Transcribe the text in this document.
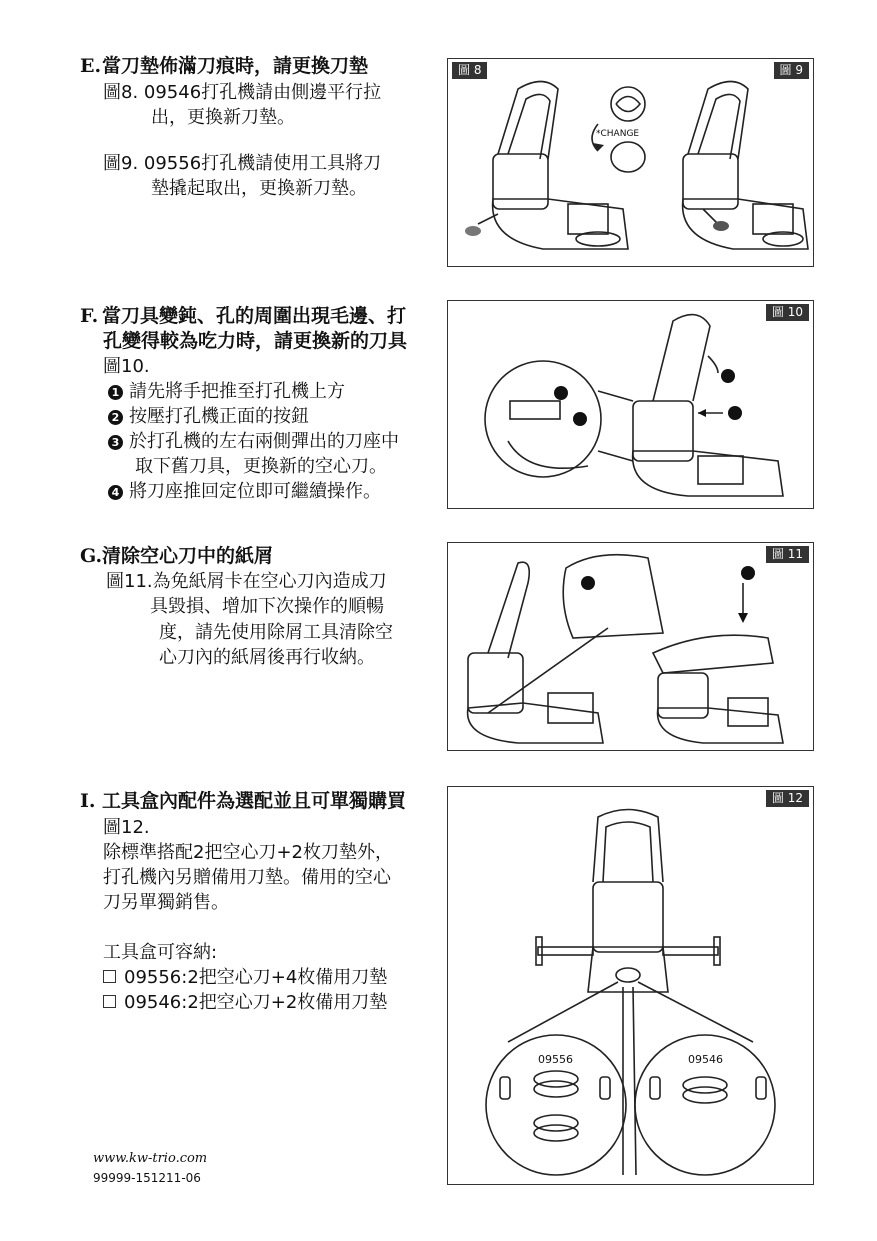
E.當刀墊佈滿刀痕時，請更換刀墊
圖8. 09546打孔機請由側邊平行拉
出，更換新刀墊。
圖9. 09556打孔機請使用工具將刀
墊撬起取出，更換新刀墊。
圖 8	圖 9
*CHANGE
F. 當刀具變鈍、孔的周圍出現毛邊、打
孔變得較為吃力時，請更換新的刀具
圖10.
1 請先將手把推至打孔機上方
2 按壓打孔機正面的按鈕
3 於打孔機的左右兩側彈出的刀座中
取下舊刀具，更換新的空心刀。
4 將刀座推回定位即可繼續操作。
圖 10
G.清除空心刀中的紙屑
圖11.為免紙屑卡在空心刀內造成刀
具毀損、增加下次操作的順暢
度，請先使用除屑工具清除空
心刀內的紙屑後再行收納。
圖 11
I. 工具盒內配件為選配並且可單獨購買
圖12.
除標準搭配2把空心刀+2枚刀墊外，
打孔機內另贈備用刀墊。備用的空心
刀另單獨銷售。
工具盒可容納:
09556:2把空心刀+4枚備用刀墊
09546:2把空心刀+2枚備用刀墊
圖 12
09556	09546
www.kw-trio.com
99999-151211-06
